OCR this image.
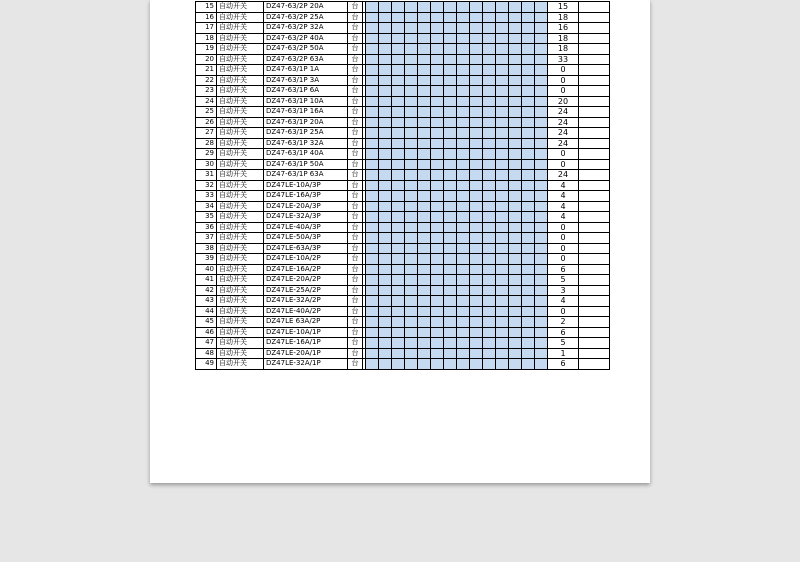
15	自动开关	DZ47-63/2P 20A	台																15	
16	自动开关	DZ47-63/2P 25A	台																18	
17	自动开关	DZ47-63/2P 32A	台																16	
18	自动开关	DZ47-63/2P 40A	台																18	
19	自动开关	DZ47-63/2P 50A	台																18	
20	自动开关	DZ47-63/2P 63A	台																33	
21	自动开关	DZ47-63/1P 1A	台																0	
22	自动开关	DZ47-63/1P 3A	台																0	
23	自动开关	DZ47-63/1P 6A	台																0	
24	自动开关	DZ47-63/1P 10A	台																20	
25	自动开关	DZ47-63/1P 16A	台																24	
26	自动开关	DZ47-63/1P 20A	台																24	
27	自动开关	DZ47-63/1P 25A	台																24	
28	自动开关	DZ47-63/1P 32A	台																24	
29	自动开关	DZ47-63/1P 40A	台																0	
30	自动开关	DZ47-63/1P 50A	台																0	
31	自动开关	DZ47-63/1P 63A	台																24	
32	自动开关	DZ47LE-10A/3P	台																4	
33	自动开关	DZ47LE-16A/3P	台																4	
34	自动开关	DZ47LE-20A/3P	台																4	
35	自动开关	DZ47LE-32A/3P	台																4	
36	自动开关	DZ47LE-40A/3P	台																0	
37	自动开关	DZ47LE-50A/3P	台																0	
38	自动开关	DZ47LE-63A/3P	台																0	
39	自动开关	DZ47LE-10A/2P	台																0	
40	自动开关	DZ47LE-16A/2P	台																6	
41	自动开关	DZ47LE-20A/2P	台																5	
42	自动开关	DZ47LE-25A/2P	台																3	
43	自动开关	DZ47LE-32A/2P	台																4	
44	自动开关	DZ47LE-40A/2P	台																0	
45	自动开关	DZ47LE 63A/2P	台																2	
46	自动开关	DZ47LE-10A/1P	台																6	
47	自动开关	DZ47LE-16A/1P	台																5	
48	自动开关	DZ47LE-20A/1P	台																1	
49	自动开关	DZ47LE-32A/1P	台																6	
